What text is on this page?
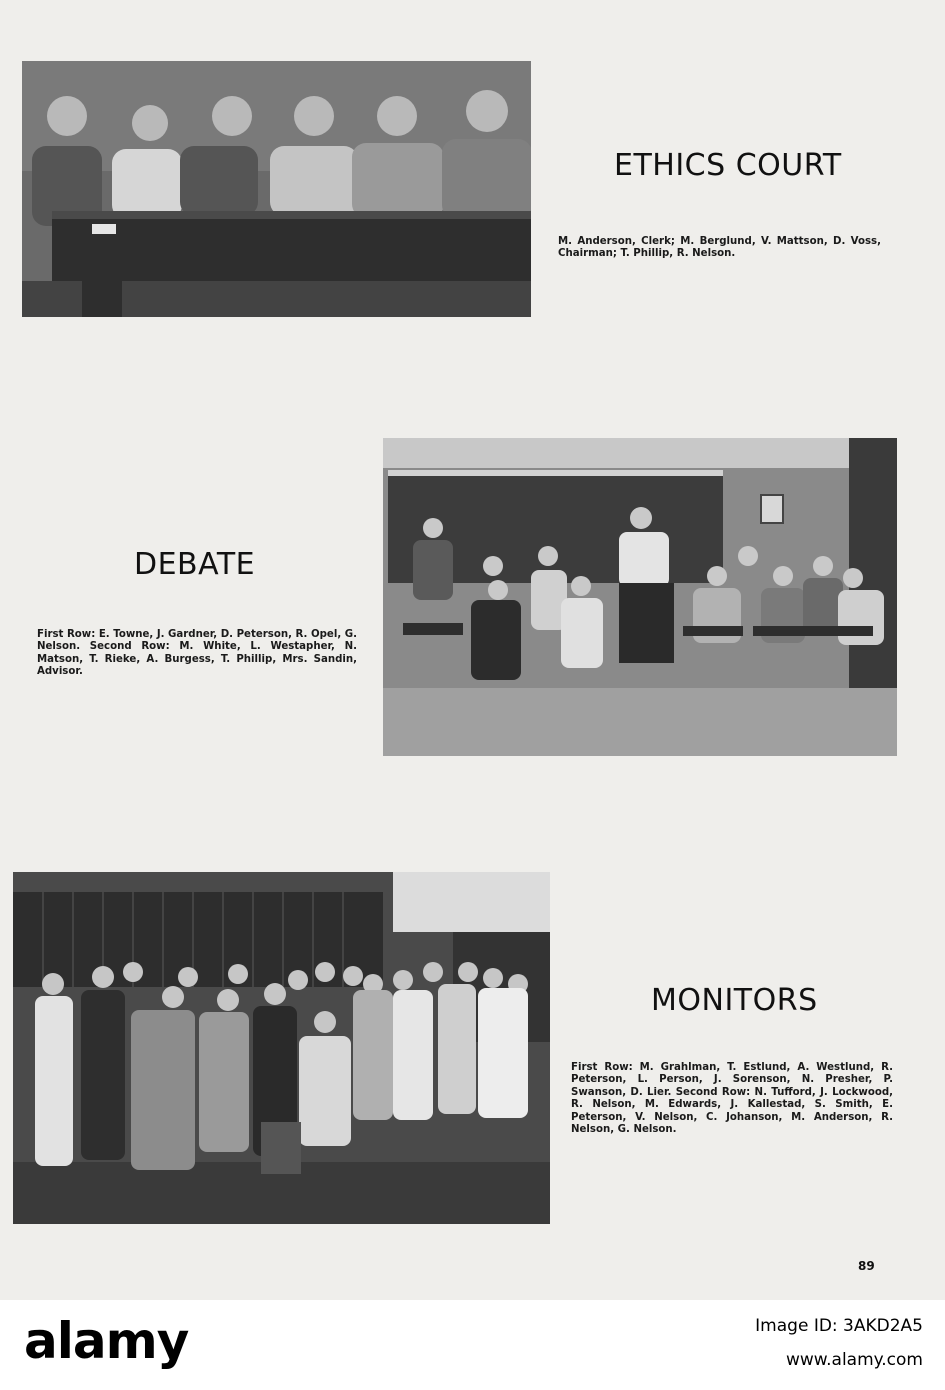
ETHICS COURT
M. Anderson, Clerk; M. Berglund, V. Mattson, D. Voss, Chairman; T. Phillip, R. Nelson.
DEBATE
First Row: E. Towne, J. Gardner, D. Peterson, R. Opel, G. Nelson. Second Row: M. White, L. Westapher, N. Matson, T. Rieke, A. Burgess, T. Phillip, Mrs. Sandin, Advisor.
MONITORS
First Row: M. Grahlman, T. Estlund, A. Westlund, R. Peterson, L. Person, J. Sorenson, N. Presher, P. Swanson, D. Lier. Second Row: N. Tufford, J. Lockwood, R. Nelson, M. Edwards, J. Kallestad, S. Smith, E. Peterson, V. Nelson, C. Johanson, M. Anderson, R. Nelson, G. Nelson.
89
alamy	Image ID: 3AKD2A5
www.alamy.com
